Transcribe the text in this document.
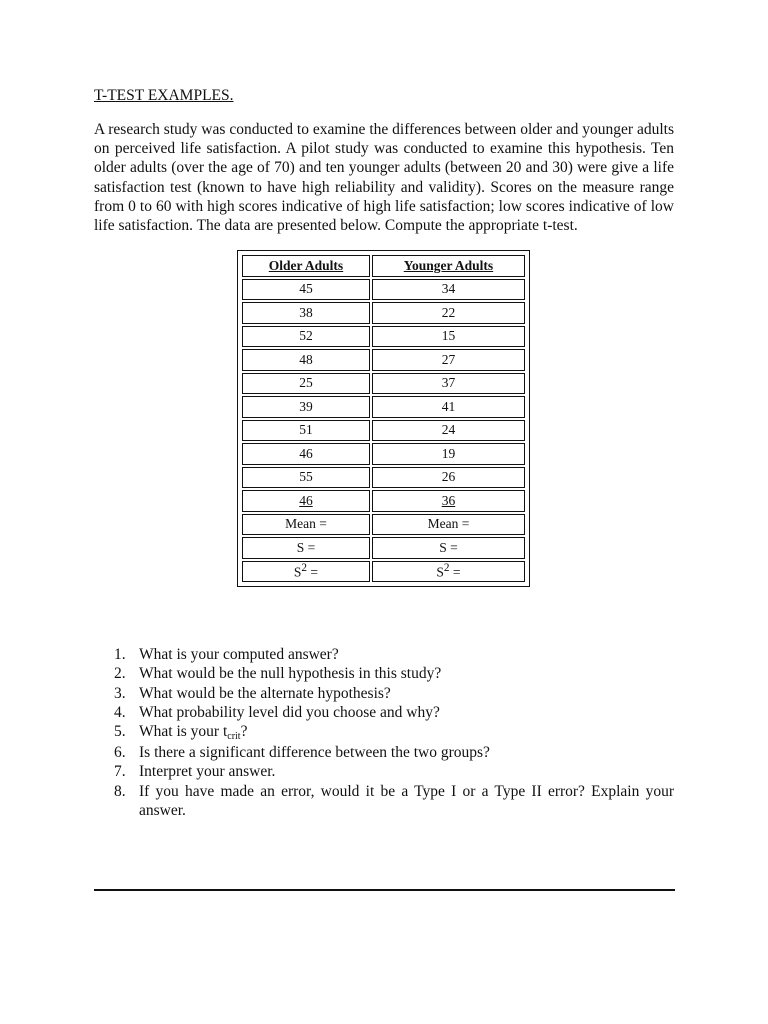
T-TEST EXAMPLES.

A research study was conducted to examine the differences between older and younger adults on perceived life satisfaction. A pilot study was conducted to examine this hypothesis. Ten older adults (over the age of 70) and ten younger adults (between 20 and 30) were give a life satisfaction test (known to have high reliability and validity). Scores on the measure range from 0 to 60 with high scores indicative of high life satisfaction; low scores indicative of low life satisfaction. The data are presented below. Compute the appropriate t-test.

Older Adults	Younger Adults
45	34
38	22
52	15
48	27
25	37
39	41
51	24
46	19
55	26
46	36
Mean =	Mean =
S =	S =
$S^2$ =	$S^2$ =
1. What is your computed answer?
2. What would be the null hypothesis in this study?
3. What would be the alternate hypothesis?
4. What probability level did you choose and why?
5. What is your tcrit?
6. Is there a significant difference between the two groups?
7. Interpret your answer.
8. If you have made an error, would it be a Type I or a Type II error? Explain your answer.
